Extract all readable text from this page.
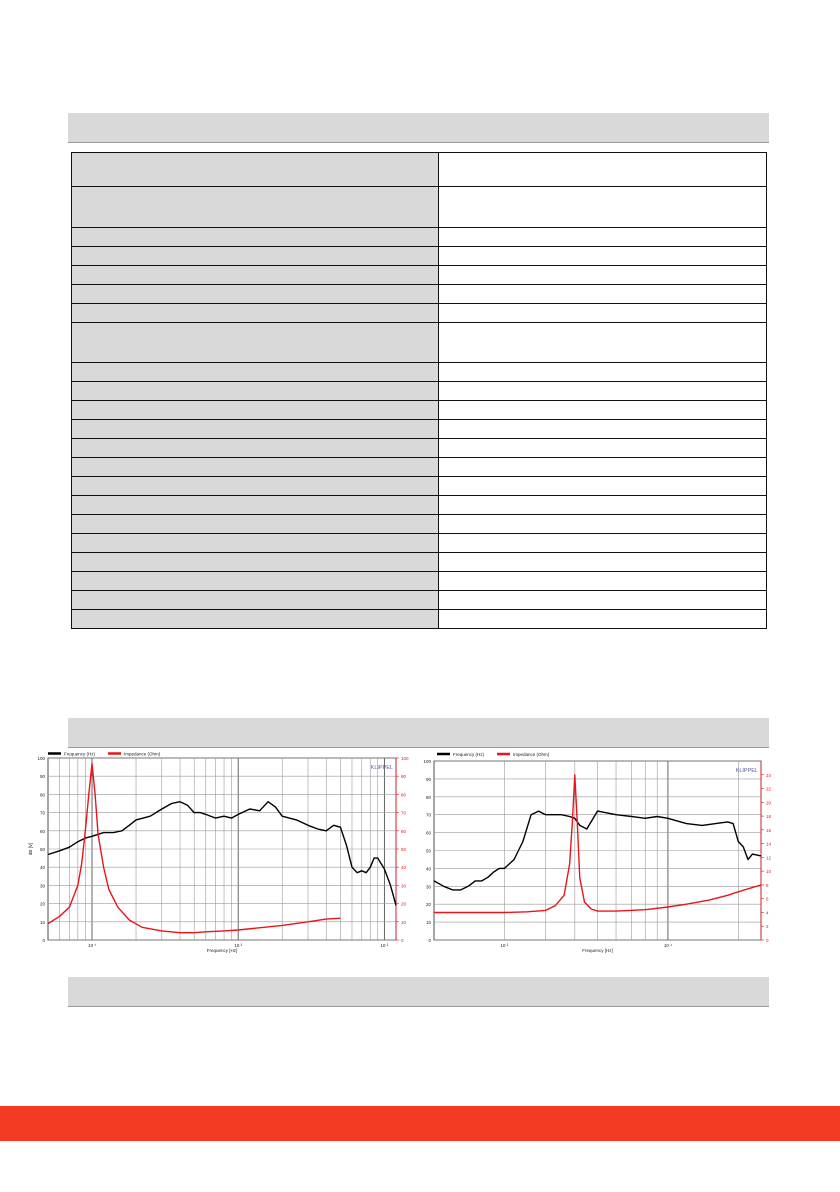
0
10
20
30
40
50
60
70
80
90
100
0
10
20
30
40
50
60
70
80
90
100
10 ¹	10 ²	10 ³
Frequency [Hz]
dB [V]
KLIPPEL
Frequency (Hz)	Impedance (Ohm)
0
10
20
30
40
50
60
70
80
90
100
0
2
4
6
8
10
12
14
16
18
20
22
24
10 ³	10 ⁴
Frequency [Hz]
KLIPPEL
Frequency (Hz)	Impedance (Ohm)
